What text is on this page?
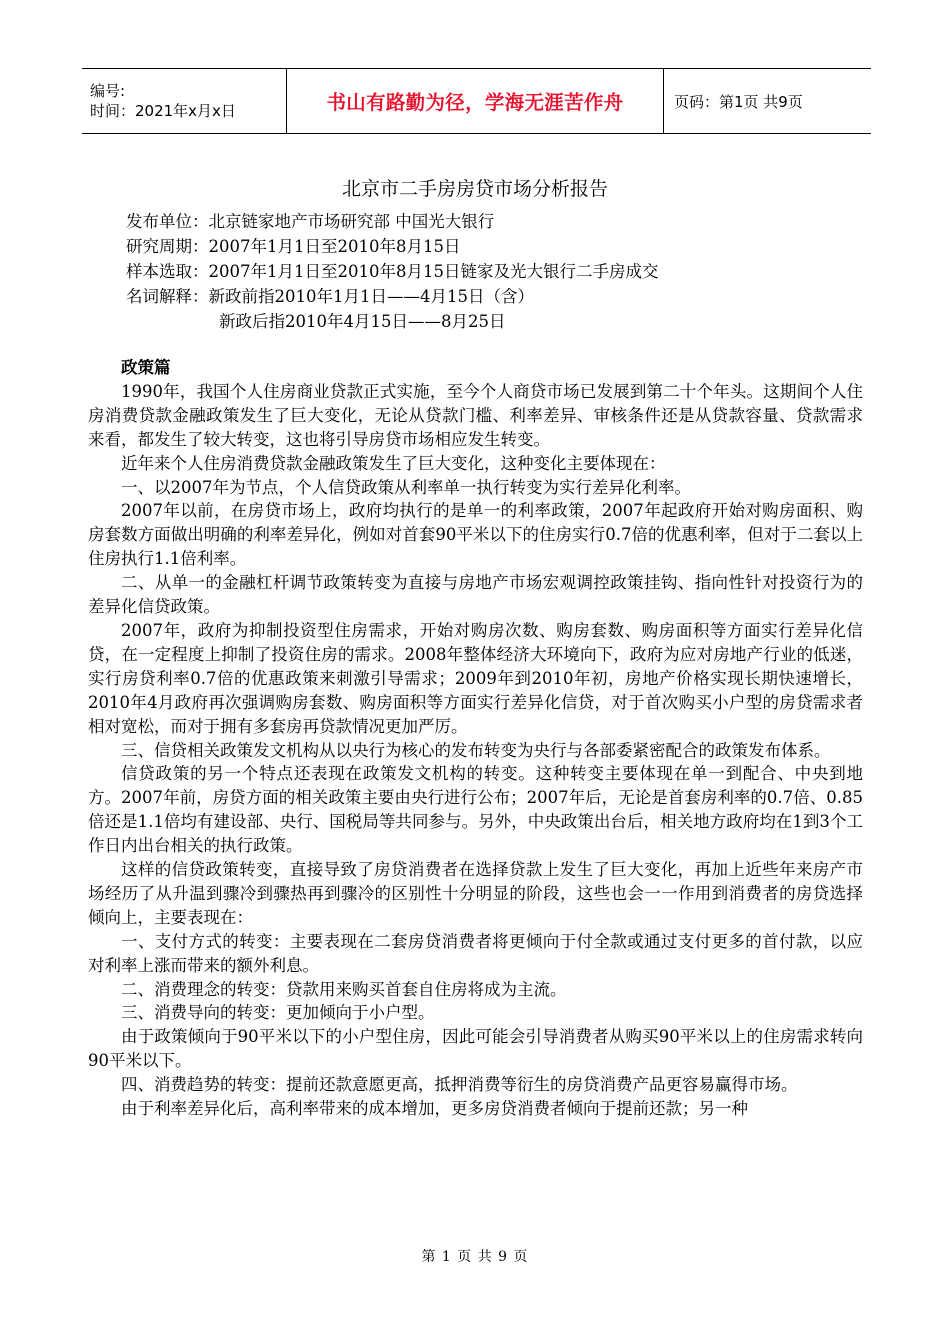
编号:
时间：2021年x月x日	书山有路勤为径，学海无涯苦作舟	页码：第1页 共9页
北京市二手房房贷市场分析报告
发布单位：北京链家地产市场研究部 中国光大银行
研究周期：2007年1月1日至2010年8月15日
样本选取：2007年1月1日至2010年8月15日链家及光大银行二手房成交
名词解释：新政前指2010年1月1日——4月15日（含）
新政后指2010年4月15日——8月25日

政策篇

1990年，我国个人住房商业贷款正式实施，至今个人商贷市场已发展到第二十个年头。这期间个人住房消费贷款金融政策发生了巨大变化，无论从贷款门槛、利率差异、审核条件还是从贷款容量、贷款需求来看，都发生了较大转变，这也将引导房贷市场相应发生转变。

近年来个人住房消费贷款金融政策发生了巨大变化，这种变化主要体现在：

一、以2007年为节点，个人信贷政策从利率单一执行转变为实行差异化利率。

2007年以前，在房贷市场上，政府均执行的是单一的利率政策，2007年起政府开始对购房面积、购房套数方面做出明确的利率差异化，例如对首套90平米以下的住房实行0.7倍的优惠利率，但对于二套以上住房执行1.1倍利率。

二、从单一的金融杠杆调节政策转变为直接与房地产市场宏观调控政策挂钩、指向性针对投资行为的差异化信贷政策。

2007年，政府为抑制投资型住房需求，开始对购房次数、购房套数、购房面积等方面实行差异化信贷，在一定程度上抑制了投资住房的需求。2008年整体经济大环境向下，政府为应对房地产行业的低迷，实行房贷利率0.7倍的优惠政策来刺激引导需求；2009年到2010年初，房地产价格实现长期快速增长，2010年4月政府再次强调购房套数、购房面积等方面实行差异化信贷，对于首次购买小户型的房贷需求者相对宽松，而对于拥有多套房再贷款情况更加严厉。

三、信贷相关政策发文机构从以央行为核心的发布转变为央行与各部委紧密配合的政策发布体系。

信贷政策的另一个特点还表现在政策发文机构的转变。这种转变主要体现在单一到配合、中央到地方。2007年前，房贷方面的相关政策主要由央行进行公布；2007年后，无论是首套房利率的0.7倍、0.85倍还是1.1倍均有建设部、央行、国税局等共同参与。另外，中央政策出台后，相关地方政府均在1到3个工作日内出台相关的执行政策。

这样的信贷政策转变，直接导致了房贷消费者在选择贷款上发生了巨大变化，再加上近些年来房产市场经历了从升温到骤冷到骤热再到骤冷的区别性十分明显的阶段，这些也会一一作用到消费者的房贷选择倾向上，主要表现在：

一、支付方式的转变：主要表现在二套房贷消费者将更倾向于付全款或通过支付更多的首付款，以应对利率上涨而带来的额外利息。

二、消费理念的转变：贷款用来购买首套自住房将成为主流。

三、消费导向的转变：更加倾向于小户型。

由于政策倾向于90平米以下的小户型住房，因此可能会引导消费者从购买90平米以上的住房需求转向90平米以下。

四、消费趋势的转变：提前还款意愿更高，抵押消费等衍生的房贷消费产品更容易赢得市场。

由于利率差异化后，高利率带来的成本增加，更多房贷消费者倾向于提前还款；另一种

第 1 页 共 9 页
